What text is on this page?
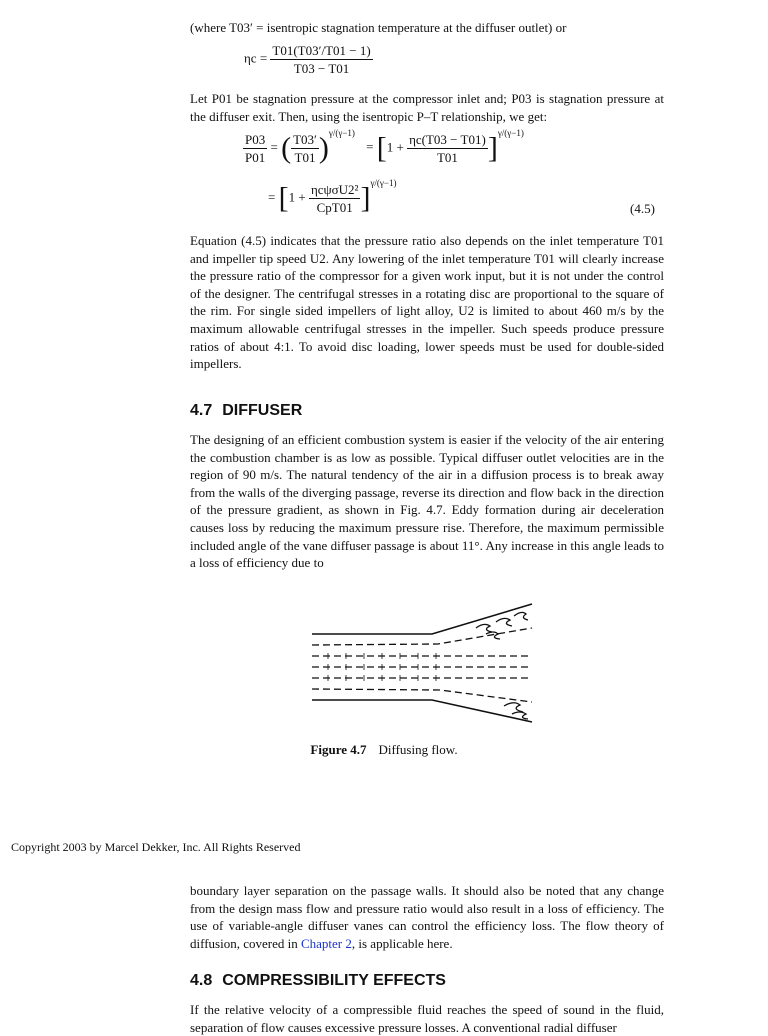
(where T03′ = isentropic stagnation temperature at the diffuser outlet) or
$\eta c = \frac{T01(T03'/T01 - 1)}{T03 - T01}$
Let P01 be stagnation pressure at the compressor inlet and; P03 is stagnation pressure at the diffuser exit. Then, using the isentropic P–T relationship, we get:
$\frac{P03}{P01}$ = ( $\frac{T03'}{T01} )^{\gamma/(\gamma-1)} = [1 + \frac{\eta c(T03 - T01)}{T01} ]^{\gamma/(\gamma-1)}$
= $[1 + \frac{\text{ηcψσU2²}}{\text{CpT01}} ]^{\gamma/(\gamma-1)}$
(4.5)
Equation (4.5) indicates that the pressure ratio also depends on the inlet temperature T01 and impeller tip speed U2. Any lowering of the inlet temperature T01 will clearly increase the pressure ratio of the compressor for a given work input, but it is not under the control of the designer. The centrifugal stresses in a rotating disc are proportional to the square of the rim. For single sided impellers of light alloy, U2 is limited to about 460 m/s by the maximum allowable centrifugal stresses in the impeller. Such speeds produce pressure ratios of about 4:1. To avoid disc loading, lower speeds must be used for double-sided impellers.
4.7 DIFFUSER
The designing of an efficient combustion system is easier if the velocity of the air entering the combustion chamber is as low as possible. Typical diffuser outlet velocities are in the region of 90 m/s. The natural tendency of the air in a diffusion process is to break away from the walls of the diverging passage, reverse its direction and flow back in the direction of the pressure gradient, as shown in Fig. 4.7. Eddy formation during air deceleration causes loss by reducing the maximum pressure rise. Therefore, the maximum permissible included angle of the vane diffuser passage is about 11°. Any increase in this angle leads to a loss of efficiency due to
Figure 4.7 Diffusing flow.
Copyright 2003 by Marcel Dekker, Inc. All Rights Reserved
boundary layer separation on the passage walls. It should also be noted that any change from the design mass flow and pressure ratio would also result in a loss of efficiency. The use of variable-angle diffuser vanes can control the efficiency loss. The flow theory of diffusion, covered in Chapter 2, is applicable here.
4.8 COMPRESSIBILITY EFFECTS
If the relative velocity of a compressible fluid reaches the speed of sound in the fluid, separation of flow causes excessive pressure losses. A conventional radial diffuser
